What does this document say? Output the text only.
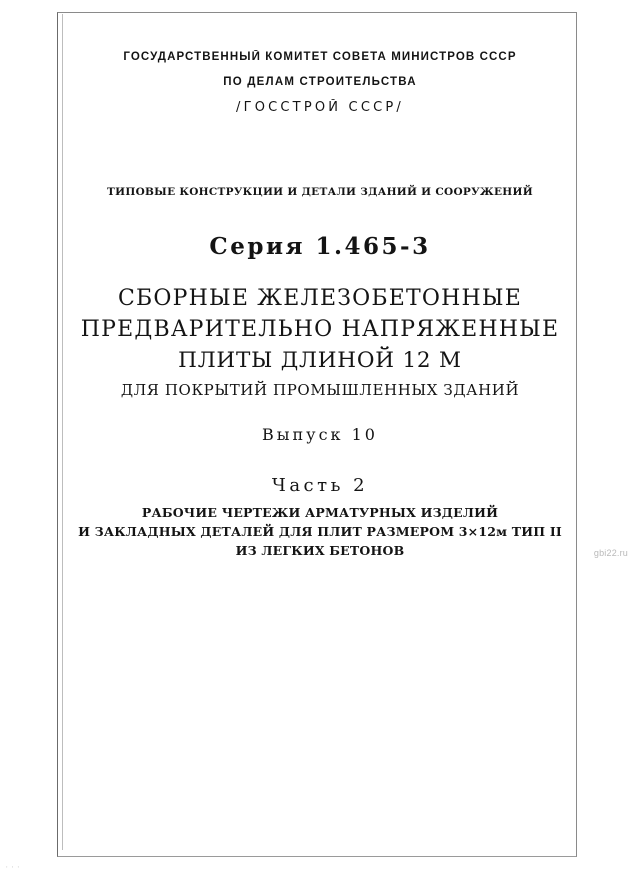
ГОСУДАРСТВЕННЫЙ КОМИТЕТ СОВЕТА МИНИСТРОВ СССР
ПО ДЕЛАМ СТРОИТЕЛЬСТВА
/ГОССТРОЙ СССР/
ТИПОВЫЕ КОНСТРУКЦИИ И ДЕТАЛИ ЗДАНИЙ И СООРУЖЕНИЙ
Серия 1.465-3
СБОРНЫЕ ЖЕЛЕЗОБЕТОННЫЕ
ПРЕДВАРИТЕЛЬНО НАПРЯЖЕННЫЕ
ПЛИТЫ ДЛИНОЙ 12 М
ДЛЯ ПОКРЫТИЙ ПРОМЫШЛЕННЫХ ЗДАНИЙ
Выпуск 10
Часть 2
РАБОЧИЕ ЧЕРТЕЖИ АРМАТУРНЫХ ИЗДЕЛИЙ
И ЗАКЛАДНЫХ ДЕТАЛЕЙ ДЛЯ ПЛИТ РАЗМЕРОМ 3×12м ТИП II
ИЗ ЛЕГКИХ БЕТОНОВ	gbi22.ru
' ' '
